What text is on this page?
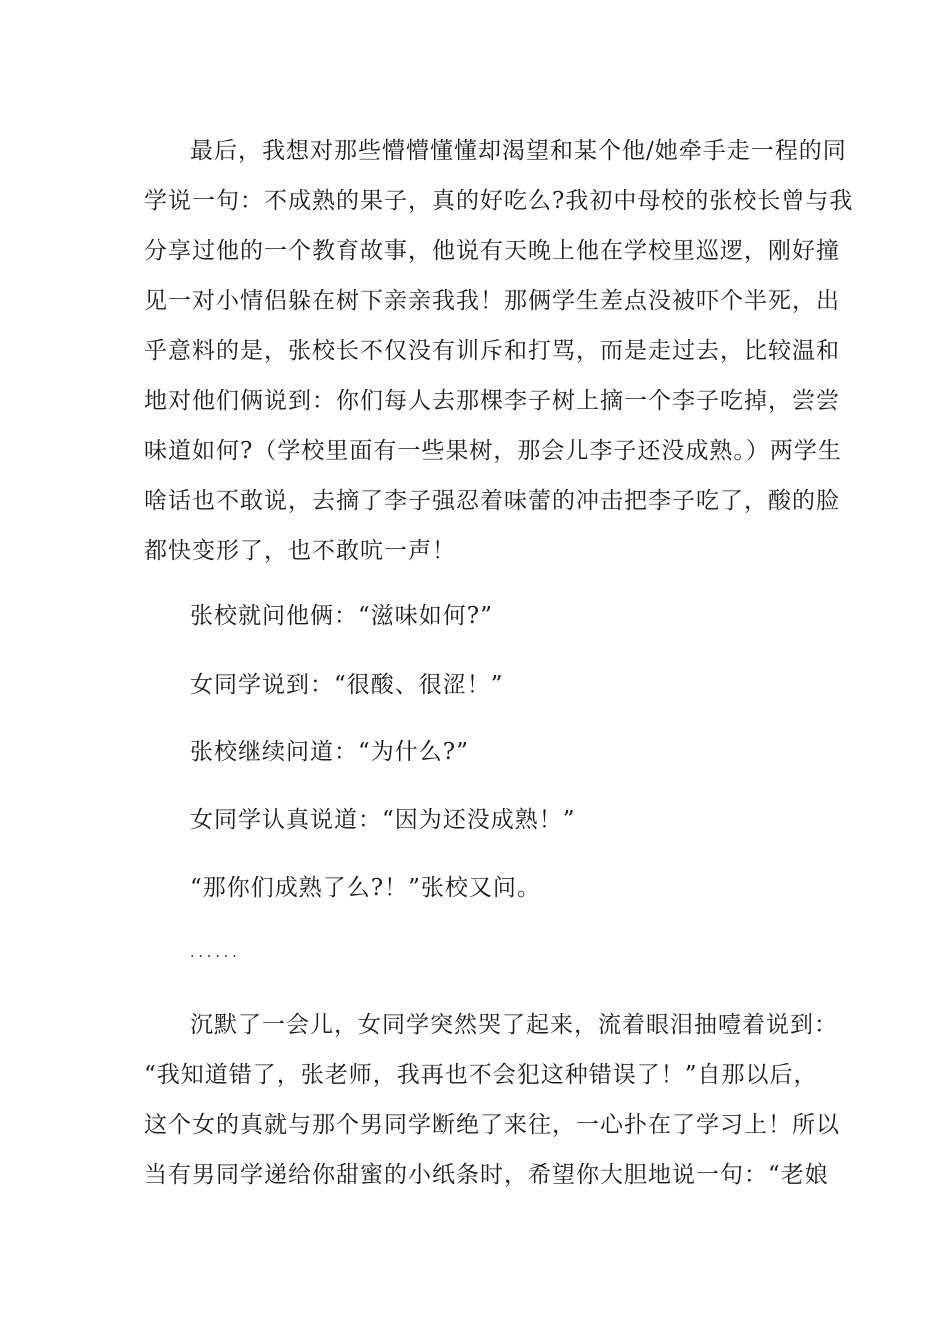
最后，我想对那些懵懵懂懂却渴望和某个他/她牵手走一程的同
学说一句：不成熟的果子，真的好吃么?我初中母校的张校长曾与我
分享过他的一个教育故事，他说有天晚上他在学校里巡逻，刚好撞
见一对小情侣躲在树下亲亲我我！那俩学生差点没被吓个半死，出
乎意料的是，张校长不仅没有训斥和打骂，而是走过去，比较温和
地对他们俩说到：你们每人去那棵李子树上摘一个李子吃掉，尝尝
味道如何?（学校里面有一些果树，那会儿李子还没成熟。）两学生
啥话也不敢说，去摘了李子强忍着味蕾的冲击把李子吃了，酸的脸
都快变形了，也不敢吭一声！
张校就问他俩：“滋味如何?”
女同学说到：“很酸、很涩！”
张校继续问道：“为什么?”
女同学认真说道：“因为还没成熟！”
“那你们成熟了么?！”张校又问。
······
沉默了一会儿，女同学突然哭了起来，流着眼泪抽噎着说到：
“我知道错了，张老师，我再也不会犯这种错误了！”自那以后，
这个女的真就与那个男同学断绝了来往，一心扑在了学习上！所以
当有男同学递给你甜蜜的小纸条时，希望你大胆地说一句：“老娘
